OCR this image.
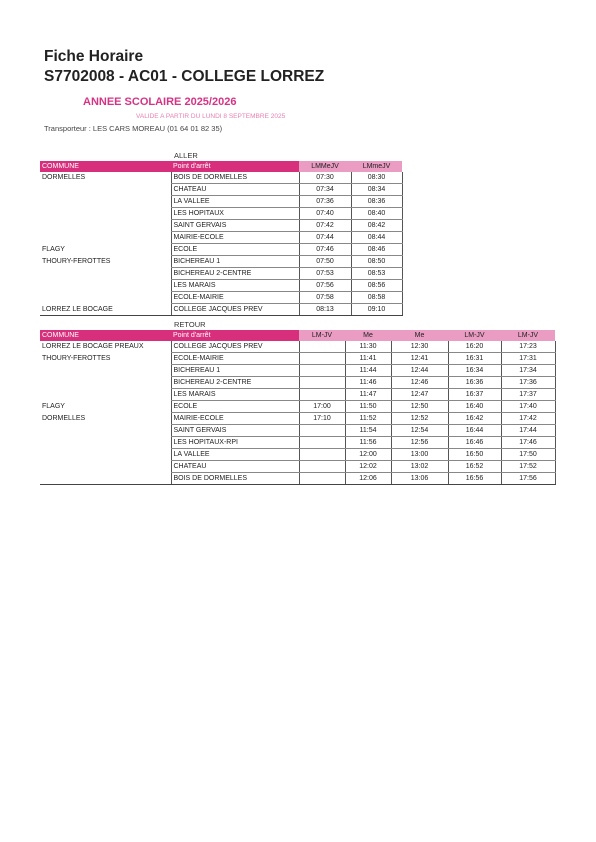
Fiche Horaire
S7702008 - AC01 - COLLEGE LORREZ
ANNEE SCOLAIRE 2025/2026
VALIDE A PARTIR DU LUNDI 8 SEPTEMBRE 2025
Transporteur : LES CARS MOREAU (01 64 01 82 35)
ALLER
COMMUNE	Point d'arrêt	LMMeJV	LMmeJV
DORMELLES	BOIS DE DORMELLES	07:30	08:30
	CHATEAU	07:34	08:34
	LA VALLEE	07:36	08:36
	LES HOPITAUX	07:40	08:40
	SAINT GERVAIS	07:42	08:42
	MAIRIE-ECOLE	07:44	08:44
FLAGY	ECOLE	07:46	08:46
THOURY-FEROTTES	BICHEREAU 1	07:50	08:50
	BICHEREAU 2-CENTRE	07:53	08:53
	LES MARAIS	07:56	08:56
	ECOLE-MAIRIE	07:58	08:58
LORREZ LE BOCAGE	COLLEGE JACQUES PREV	08:13	09:10
RETOUR
COMMUNE	Point d'arrêt	LM-JV	Me	Me	LM-JV	LM-JV
LORREZ LE BOCAGE PREAUX	COLLEGE JACQUES PREV		11:30	12:30	16:20	17:23
THOURY-FEROTTES	ECOLE-MAIRIE		11:41	12:41	16:31	17:31
	BICHEREAU 1		11:44	12:44	16:34	17:34
	BICHEREAU 2-CENTRE		11:46	12:46	16:36	17:36
	LES MARAIS		11:47	12:47	16:37	17:37
FLAGY	ECOLE	17:00	11:50	12:50	16:40	17:40
DORMELLES	MAIRIE-ECOLE	17:10	11:52	12:52	16:42	17:42
	SAINT GERVAIS		11:54	12:54	16:44	17:44
	LES HOPITAUX-RPI		11:56	12:56	16:46	17:46
	LA VALLEE		12:00	13:00	16:50	17:50
	CHATEAU		12:02	13:02	16:52	17:52
	BOIS DE DORMELLES		12:06	13:06	16:56	17:56
